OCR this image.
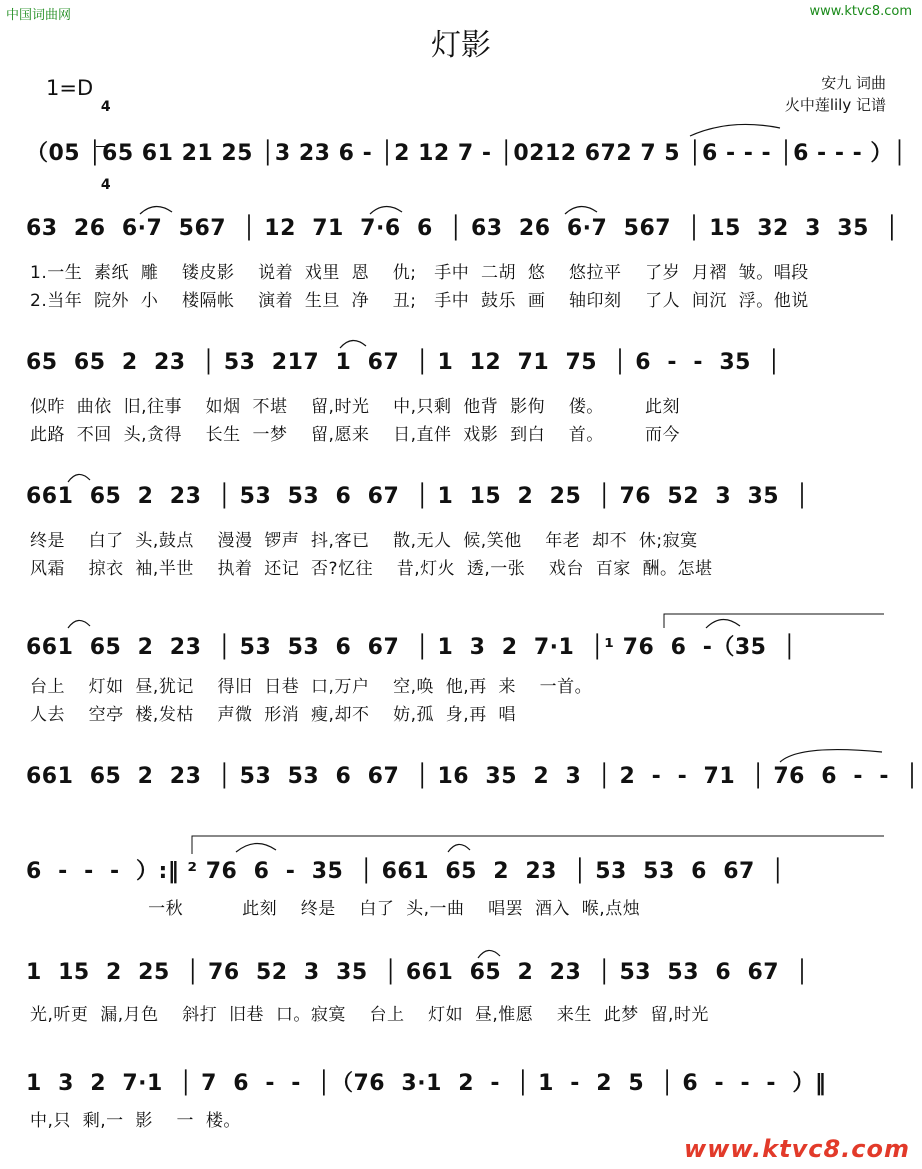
中国词曲网	www.ktvc8.com
灯影
1=D

4

4

安九 词曲
火中莲lily 记谱
（05 │65 61 21 25 │3 23 6 - │2 12 7 - │0212 672 7 5 │6 - - - │6 - - - ）│
63  26  6·7  567  │ 12  71  7·6  6  │ 63  26  6·7  567  │ 15  32  3  35  │
1.一生  素纸  雕    镂皮影    说着  戏里  恩    仇;   手中  二胡  悠    悠拉平    了岁  月褶  皱。唱段
2.当年  院外  小    楼隔帐    演着  生旦  净    丑;   手中  鼓乐  画    轴印刻    了人  间沉  浮。他说
65  65  2  23  │ 53  217  1  67  │ 1  12  71  75  │ 6  -  -  35  │
似昨  曲依  旧,往事    如烟  不堪    留,时光    中,只剩  他背  影佝    偻。       此刻
此路  不回  头,贪得    长生  一梦    留,愿来    日,直伴  戏影  到白    首。       而今
661  65  2  23  │ 53  53  6  67  │ 1  15  2  25  │ 76  52  3  35  │
终是    白了  头,鼓点    漫漫  锣声  抖,客已    散,无人  候,笑他    年老  却不  休;寂寞
风霜    掠衣  袖,半世    执着  还记  否?忆往    昔,灯火  透,一张    戏台  百家  酬。怎堪
661  65  2  23  │ 53  53  6  67  │ 1  3  2  7·1  │¹ 76  6  -（35  │
台上    灯如  昼,犹记    得旧  日巷  口,万户    空,唤  他,再  来    一首。
人去    空亭  楼,发枯    声微  形消  瘦,却不    妨,孤  身,再  唱
661  65  2  23  │ 53  53  6  67  │ 16  35  2  3  │ 2  -  -  71  │ 76  6  -  -  │
6  -  -  -  ）:‖ ² 76  6  -  35  │ 661  65  2  23  │ 53  53  6  67  │
一秋          此刻    终是    白了  头,一曲    唱罢  酒入  喉,点烛
1  15  2  25  │ 76  52  3  35  │ 661  65  2  23  │ 53  53  6  67  │
光,听更  漏,月色    斜打  旧巷  口。寂寞    台上    灯如  昼,惟愿    来生  此梦  留,时光
1  3  2  7·1  │ 7  6  -  -  │（76  3·1  2  -  │ 1  -  2  5  │ 6  -  -  -  ）‖
中,只  剩,一  影    一  楼。
www.ktvc8.com
